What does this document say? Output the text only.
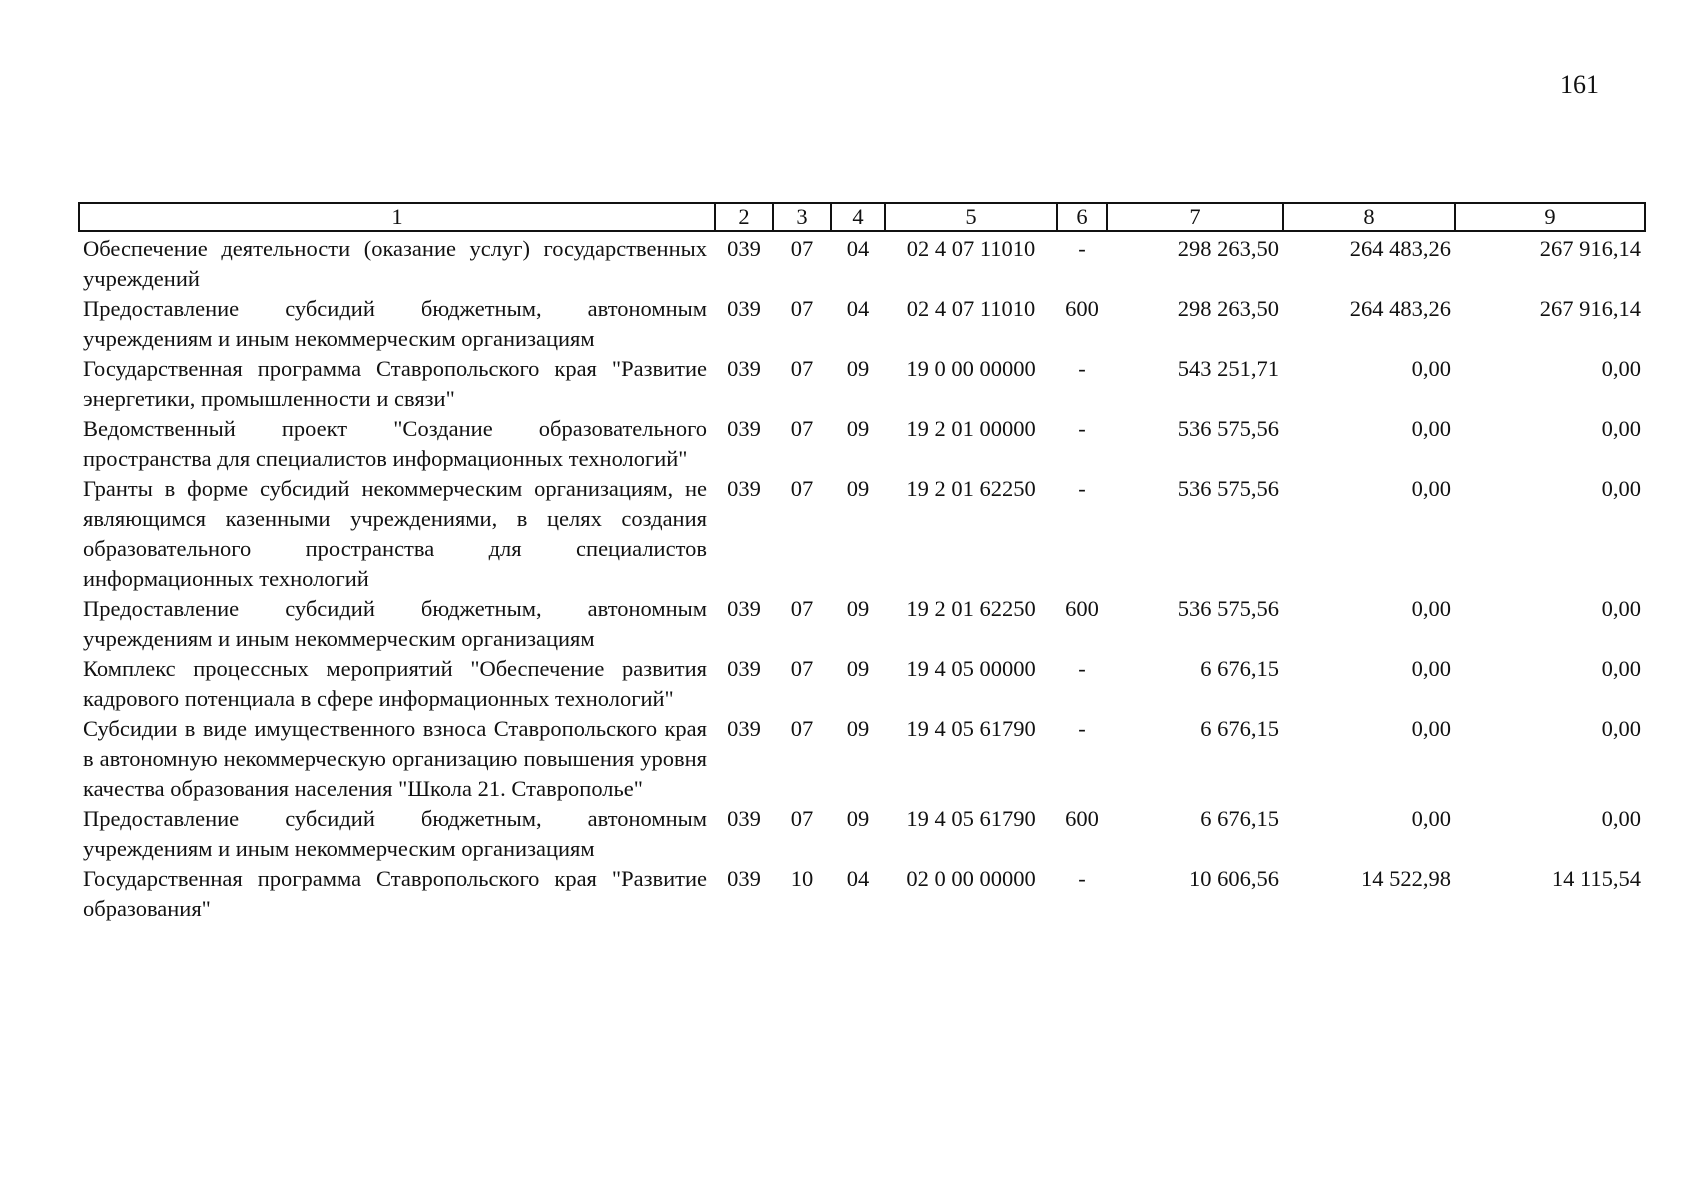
161
1	2	3	4	5	6	7	8	9
Обеспечение деятельности (оказание услуг) государственных учреждений	039	07	04	02 4 07 11010	-	298 263,50	264 483,26	267 916,14
Предоставление субсидий бюджетным, автономным учреждениям и иным некоммерческим организациям	039	07	04	02 4 07 11010	600	298 263,50	264 483,26	267 916,14
Государственная программа Ставропольского края "Развитие энергетики, промышленности и связи"	039	07	09	19 0 00 00000	-	543 251,71	0,00	0,00
Ведомственный проект "Создание образовательного пространства для специалистов информационных технологий"	039	07	09	19 2 01 00000	-	536 575,56	0,00	0,00
Гранты в форме субсидий некоммерческим организациям, не являющимся казенными учреждениями, в целях создания образовательного пространства для специалистов информационных технологий	039	07	09	19 2 01 62250	-	536 575,56	0,00	0,00
Предоставление субсидий бюджетным, автономным учреждениям и иным некоммерческим организациям	039	07	09	19 2 01 62250	600	536 575,56	0,00	0,00
Комплекс процессных мероприятий "Обеспечение развития кадрового потенциала в сфере информационных технологий"	039	07	09	19 4 05 00000	-	6 676,15	0,00	0,00
Субсидии в виде имущественного взноса Ставропольского края в автономную некоммерческую организацию повышения уровня качества образования населения "Школа 21. Ставрополье"	039	07	09	19 4 05 61790	-	6 676,15	0,00	0,00
Предоставление субсидий бюджетным, автономным учреждениям и иным некоммерческим организациям	039	07	09	19 4 05 61790	600	6 676,15	0,00	0,00
Государственная программа Ставропольского края "Развитие образования"	039	10	04	02 0 00 00000	-	10 606,56	14 522,98	14 115,54
